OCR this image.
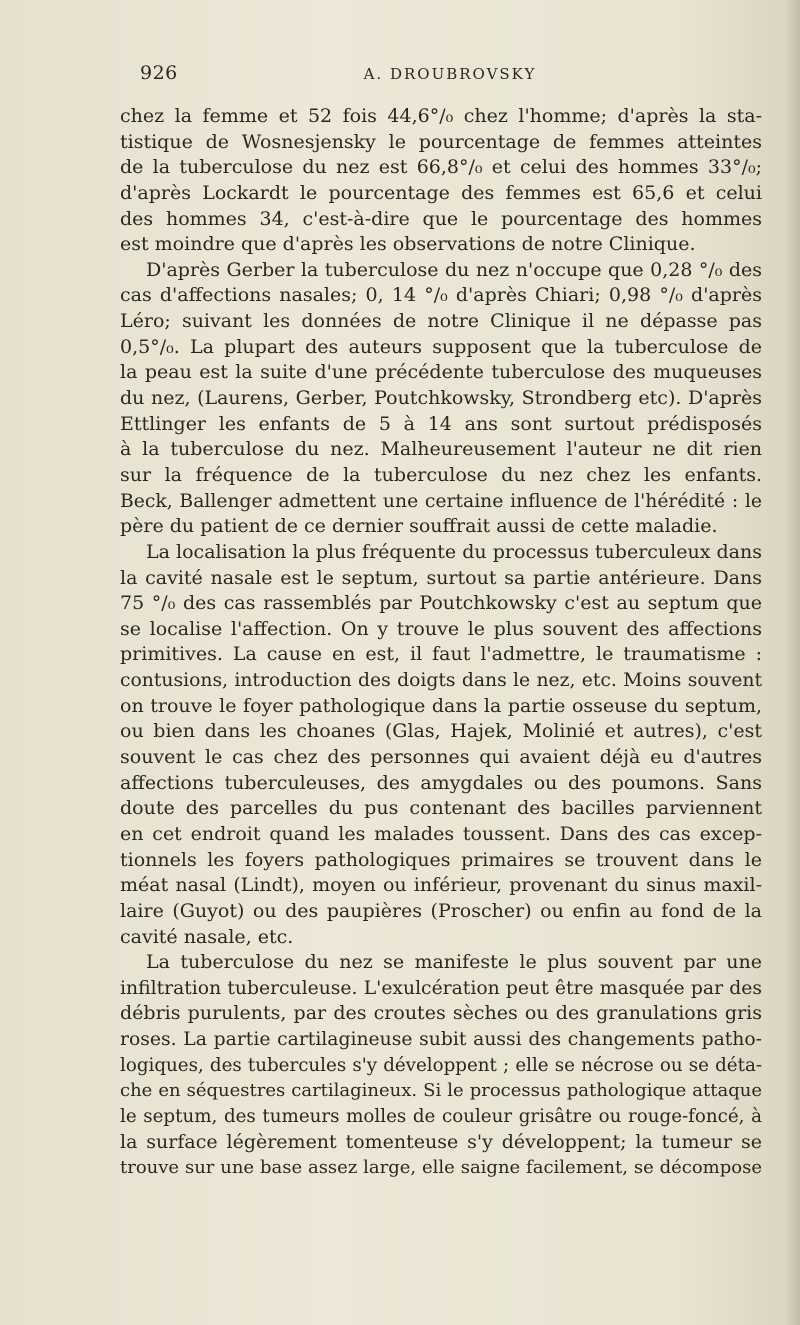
926	A. DROUBROVSKY
chez la femme et 52 fois 44,6°/₀ chez l'homme; d'après la sta-
tistique de Wosnesjensky le pourcentage de femmes atteintes
de la tuberculose du nez est 66,8°/₀ et celui des hommes 33°/₀;
d'après Lockardt le pourcentage des femmes est 65,6 et celui
des hommes 34, c'est-à-dire que le pourcentage des hommes
est moindre que d'après les observations de notre Clinique.
D'après Gerber la tuberculose du nez n'occupe que 0,28 °/₀ des
cas d'affections nasales; 0, 14 °/₀ d'après Chiari; 0,98 °/₀ d'après
Léro; suivant les données de notre Clinique il ne dépasse pas
0,5°/₀. La plupart des auteurs supposent que la tuberculose de
la peau est la suite d'une précédente tuberculose des muqueuses
du nez, (Laurens, Gerber, Poutchkowsky, Strondberg etc). D'après
Ettlinger les enfants de 5 à 14 ans sont surtout prédisposés
à la tuberculose du nez. Malheureusement l'auteur ne dit rien
sur la fréquence de la tuberculose du nez chez les enfants.
Beck, Ballenger admettent une certaine influence de l'hérédité : le
père du patient de ce dernier souffrait aussi de cette maladie.
La localisation la plus fréquente du processus tuberculeux dans
la cavité nasale est le septum, surtout sa partie antérieure. Dans
75 °/₀ des cas rassemblés par Poutchkowsky c'est au septum que
se localise l'affection. On y trouve le plus souvent des affections
primitives. La cause en est, il faut l'admettre, le traumatisme :
contusions, introduction des doigts dans le nez, etc. Moins souvent
on trouve le foyer pathologique dans la partie osseuse du septum,
ou bien dans les choanes (Glas, Hajek, Molinié et autres), c'est
souvent le cas chez des personnes qui avaient déjà eu d'autres
affections tuberculeuses, des amygdales ou des poumons. Sans
doute des parcelles du pus contenant des bacilles parviennent
en cet endroit quand les malades toussent. Dans des cas excep-
tionnels les foyers pathologiques primaires se trouvent dans le
méat nasal (Lindt), moyen ou inférieur, provenant du sinus maxil-
laire (Guyot) ou des paupières (Proscher) ou enfin au fond de la
cavité nasale, etc.
La tuberculose du nez se manifeste le plus souvent par une
infiltration tuberculeuse. L'exulcération peut être masquée par des
débris purulents, par des croutes sèches ou des granulations gris
roses. La partie cartilagineuse subit aussi des changements patho-
logiques, des tubercules s'y développent ; elle se nécrose ou se déta-
che en séquestres cartilagineux. Si le processus pathologique attaque
le septum, des tumeurs molles de couleur grisâtre ou rouge-foncé, à
la surface légèrement tomenteuse s'y développent; la tumeur se
trouve sur une base assez large, elle saigne facilement, se décompose
